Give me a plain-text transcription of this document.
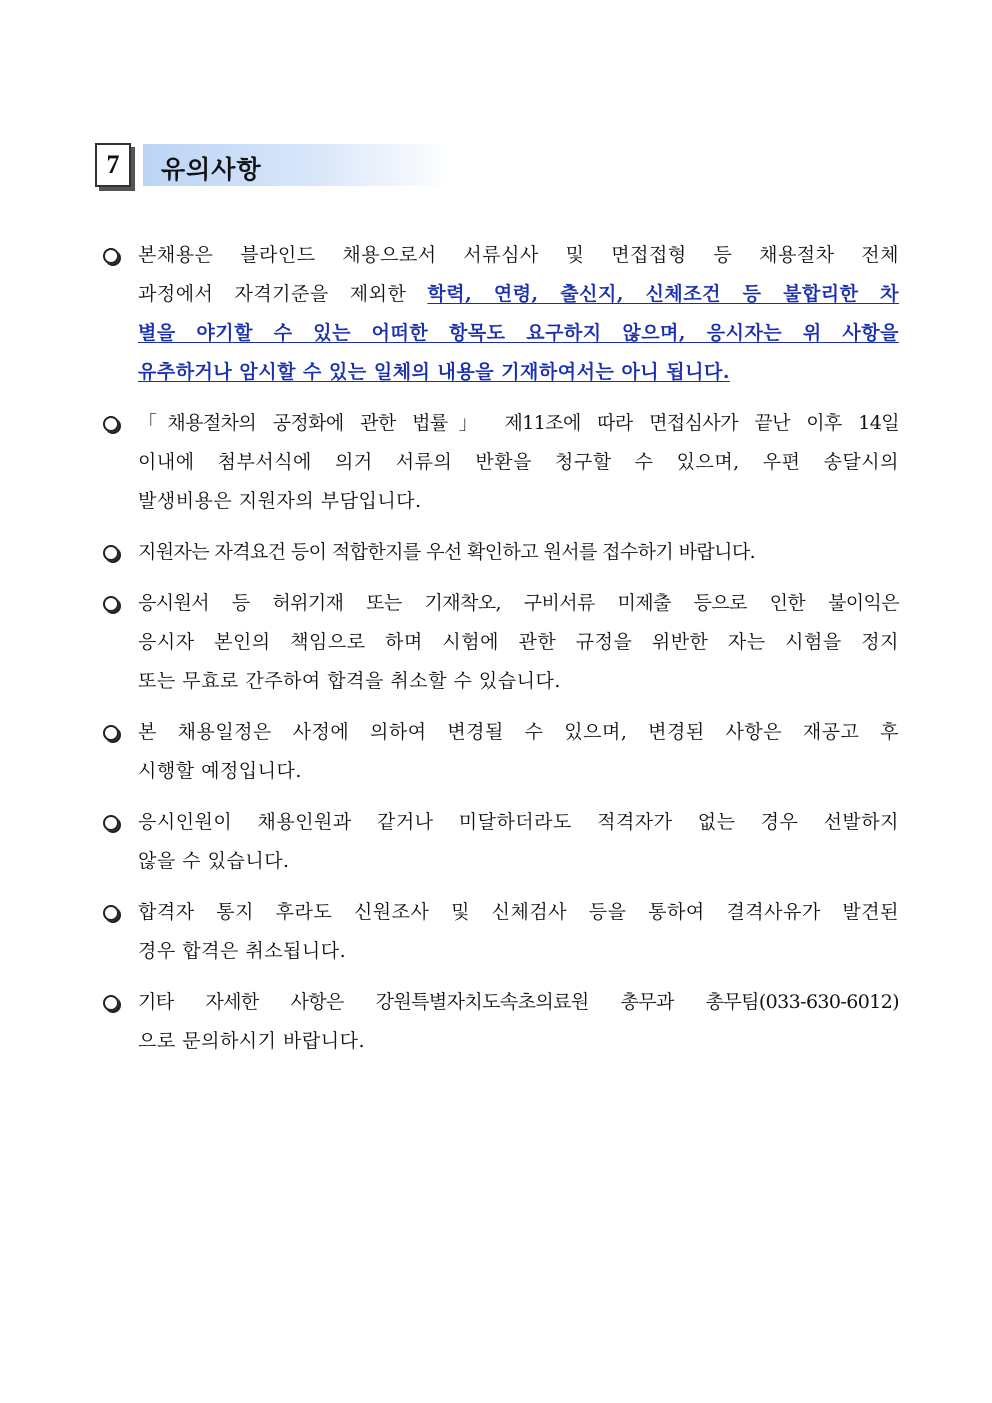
7	유의사항
본채용은 블라인드 채용으로서 서류심사 및 면접접형 등 채용절차 전체
과정에서 자격기준을 제외한 학력, 연령, 출신지, 신체조건 등 불합리한 차
별을 야기할 수 있는 어떠한 항목도 요구하지 않으며, 응시자는 위 사항을
유추하거나 암시할 수 있는 일체의 내용을 기재하여서는 아니 됩니다.
「채용절차의 공정화에 관한 법률」 제11조에 따라 면접심사가 끝난 이후 14일
이내에 첨부서식에 의거 서류의 반환을 청구할 수 있으며, 우편 송달시의
발생비용은 지원자의 부담입니다.
지원자는 자격요건 등이 적합한지를 우선 확인하고 원서를 접수하기 바랍니다.
응시원서 등 허위기재 또는 기재착오, 구비서류 미제출 등으로 인한 불이익은
응시자 본인의 책임으로 하며 시험에 관한 규정을 위반한 자는 시험을 정지
또는 무효로 간주하여 합격을 취소할 수 있습니다.
본 채용일정은 사정에 의하여 변경될 수 있으며, 변경된 사항은 재공고 후
시행할 예정입니다.
응시인원이 채용인원과 같거나 미달하더라도 적격자가 없는 경우 선발하지
않을 수 있습니다.
합격자 통지 후라도 신원조사 및 신체검사 등을 통하여 결격사유가 발견된
경우 합격은 취소됩니다.
기타 자세한 사항은 강원특별자치도속초의료원 총무과 총무팀(033-630-6012)
으로 문의하시기 바랍니다.
